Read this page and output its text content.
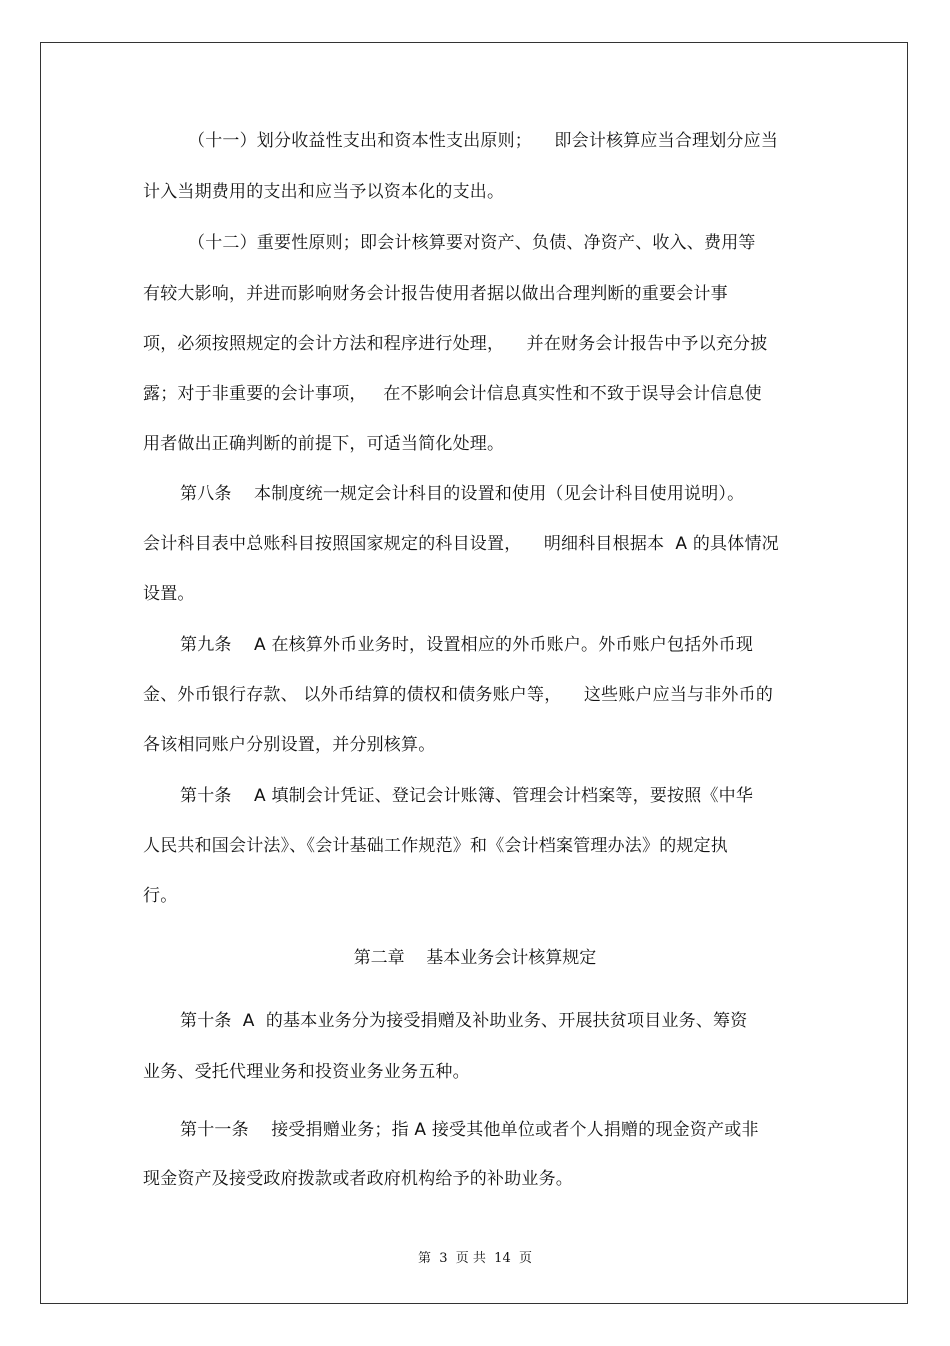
（十一）划分收益性支出和资本性支出原则；    即会计核算应当合理划分应当
计入当期费用的支出和应当予以资本化的支出。
（十二）重要性原则；即会计核算要对资产、负债、净资产、收入、费用等
有较大影响，并进而影响财务会计报告使用者据以做出合理判断的重要会计事
项，必须按照规定的会计方法和程序进行处理，    并在财务会计报告中予以充分披
露；对于非重要的会计事项，   在不影响会计信息真实性和不致于误导会计信息使
用者做出正确判断的前提下，可适当简化处理。
第八条    本制度统一规定会计科目的设置和使用（见会计科目使用说明）。
会计科目表中总账科目按照国家规定的科目设置，    明细科目根据本  A 的具体情况
设置。
第九条    A 在核算外币业务时，设置相应的外币账户。外币账户包括外币现
金、外币银行存款、 以外币结算的债权和债务账户等，    这些账户应当与非外币的
各该相同账户分别设置，并分别核算。
第十条    A 填制会计凭证、登记会计账簿、管理会计档案等，要按照《中华
人民共和国会计法》、《会计基础工作规范》和《会计档案管理办法》的规定执
行。
第二章    基本业务会计核算规定
第十条  A  的基本业务分为接受捐赠及补助业务、开展扶贫项目业务、筹资
业务、受托代理业务和投资业务业务五种。
第十一条    接受捐赠业务；指 A 接受其他单位或者个人捐赠的现金资产或非
现金资产及接受政府拨款或者政府机构给予的补助业务。
第  3  页 共  14  页
